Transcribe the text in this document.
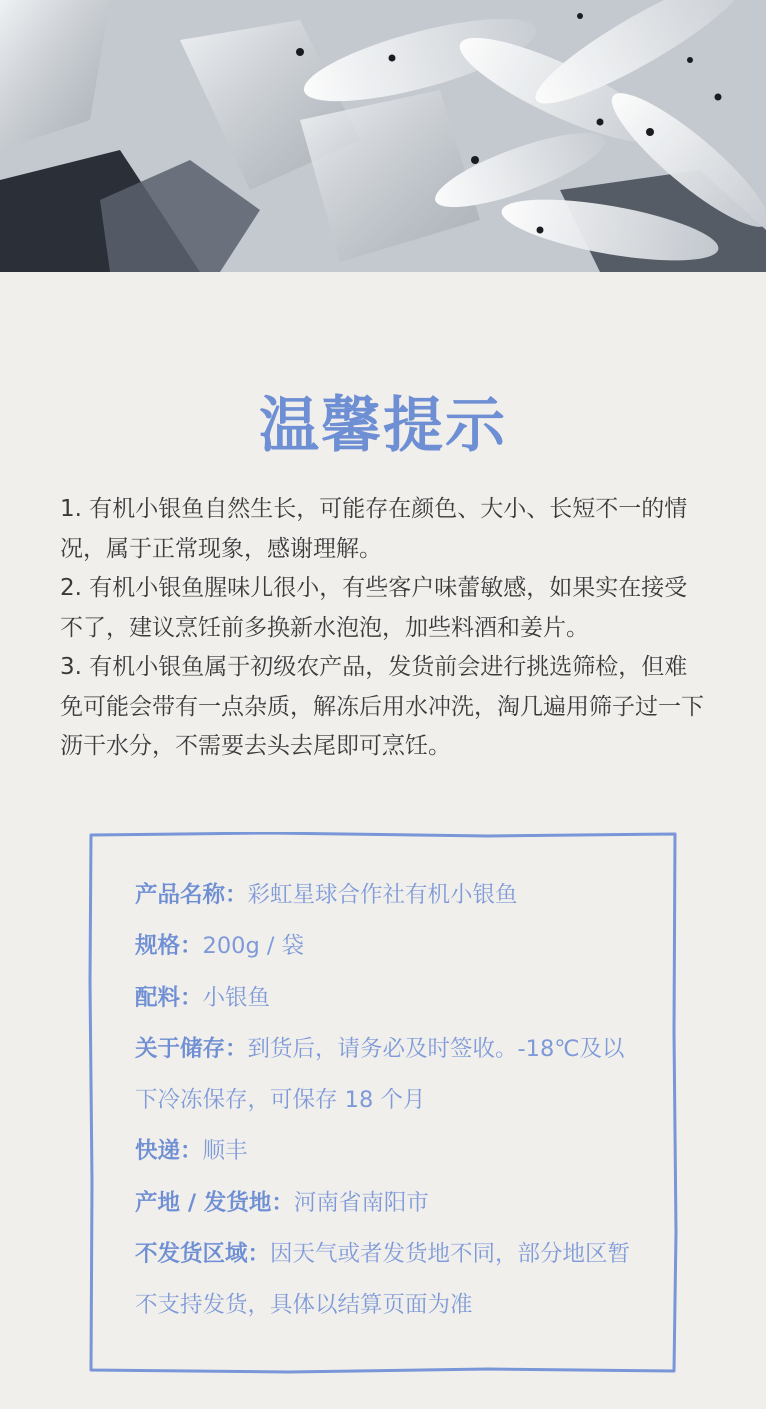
温馨提示
1. 有机小银鱼自然生长，可能存在颜色、大小、长短不一的情况，属于正常现象，感谢理解。
2. 有机小银鱼腥味儿很小，有些客户味蕾敏感，如果实在接受不了，建议烹饪前多换新水泡泡，加些料酒和姜片。
3. 有机小银鱼属于初级农产品，发货前会进行挑选筛检，但难免可能会带有一点杂质，解冻后用水冲洗，淘几遍用筛子过一下沥干水分，不需要去头去尾即可烹饪。
产品名称：彩虹星球合作社有机小银鱼
规格：200g / 袋
配料：小银鱼
关于储存：到货后，请务必及时签收。-18℃及以下冷冻保存，可保存 18 个月
快递：顺丰
产地 / 发货地：河南省南阳市
不发货区域：因天气或者发货地不同，部分地区暂不支持发货，具体以结算页面为准
